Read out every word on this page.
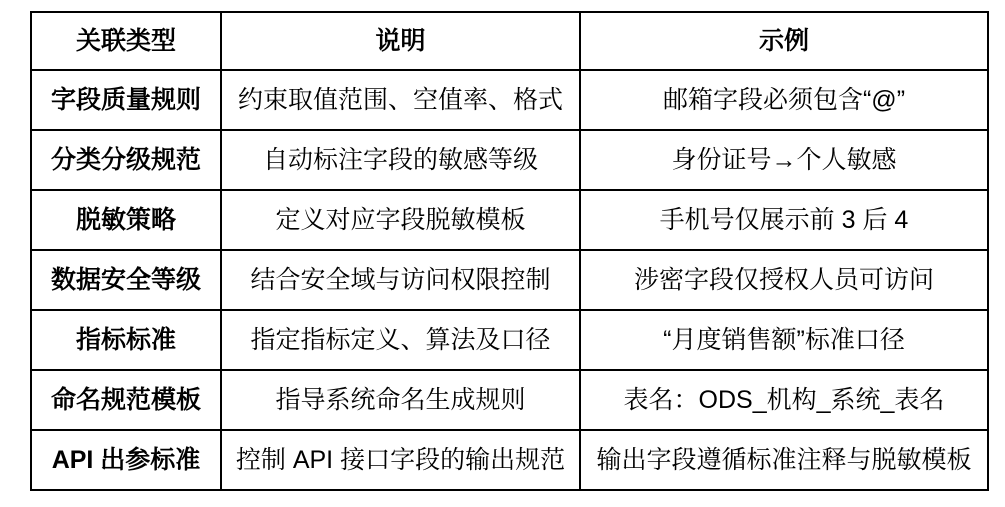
关联类型	说明	示例
字段质量规则	约束取值范围、空值率、格式	邮箱字段必须包含“@”
分类分级规范	自动标注字段的敏感等级	身份证号→个人敏感
脱敏策略	定义对应字段脱敏模板	手机号仅展示前 3 后 4
数据安全等级	结合安全域与访问权限控制	涉密字段仅授权人员可访问
指标标准	指定指标定义、算法及口径	“月度销售额”标准口径
命名规范模板	指导系统命名生成规则	表名：ODS_机构_系统_表名
API 出参标准	控制 API 接口字段的输出规范	输出字段遵循标准注释与脱敏模板
